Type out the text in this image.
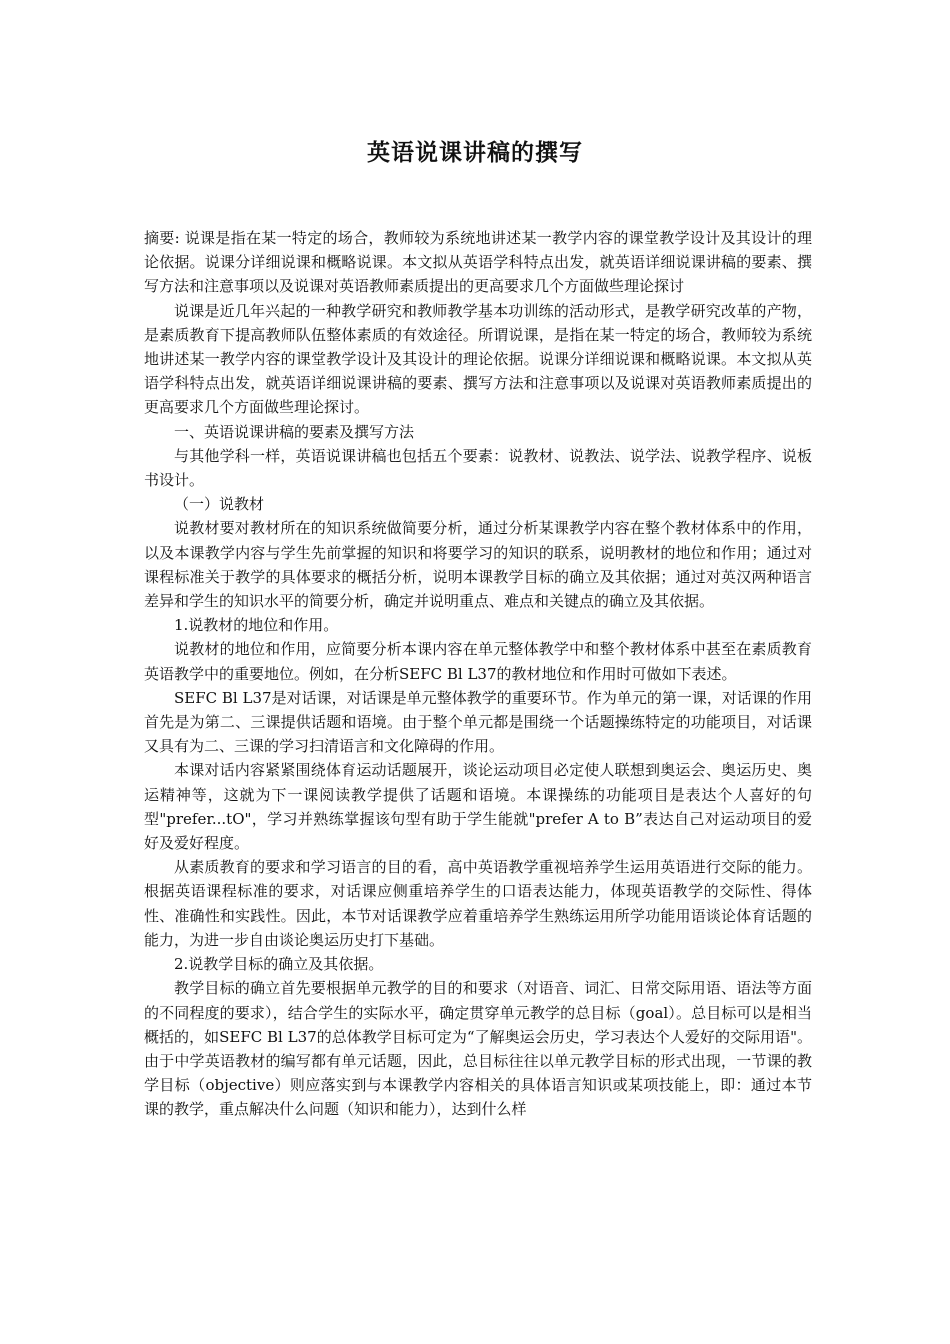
英语说课讲稿的撰写

摘要: 说课是指在某一特定的场合，教师较为系统地讲述某一教学内容的课堂教学设计及其设计的理论依据。说课分详细说课和概略说课。本文拟从英语学科特点出发，就英语详细说课讲稿的要素、撰写方法和注意事项以及说课对英语教师素质提出的更高要求几个方面做些理论探讨

说课是近几年兴起的一种教学研究和教师教学基本功训练的活动形式，是教学研究改革的产物，是素质教育下提高教师队伍整体素质的有效途径。所谓说课，是指在某一特定的场合，教师较为系统地讲述某一教学内容的课堂教学设计及其设计的理论依据。说课分详细说课和概略说课。本文拟从英语学科特点出发，就英语详细说课讲稿的要素、撰写方法和注意事项以及说课对英语教师素质提出的更高要求几个方面做些理论探讨。

一、英语说课讲稿的要素及撰写方法

与其他学科一样，英语说课讲稿也包括五个要素：说教材、说教法、说学法、说教学程序、说板书设计。

（一）说教材

说教材要对教材所在的知识系统做简要分析，通过分析某课教学内容在整个教材体系中的作用，以及本课教学内容与学生先前掌握的知识和将要学习的知识的联系，说明教材的地位和作用；通过对课程标准关于教学的具体要求的概括分析，说明本课教学目标的确立及其依据；通过对英汉两种语言差异和学生的知识水平的简要分析，确定并说明重点、难点和关键点的确立及其依据。

1.说教材的地位和作用。

说教材的地位和作用，应简要分析本课内容在单元整体教学中和整个教材体系中甚至在素质教育英语教学中的重要地位。例如，在分析SEFC Bl L37的教材地位和作用时可做如下表述。

SEFC Bl L37是对话课，对话课是单元整体教学的重要环节。作为单元的第一课，对话课的作用首先是为第二、三课提供话题和语境。由于整个单元都是围绕一个话题操练特定的功能项目，对话课又具有为二、三课的学习扫清语言和文化障碍的作用。

本课对话内容紧紧围绕体育运动话题展开，谈论运动项目必定使人联想到奥运会、奥运历史、奥运精神等，这就为下一课阅读教学提供了话题和语境。本课操练的功能项目是表达个人喜好的句型"prefer...tO"，学习并熟练掌握该句型有助于学生能就"prefer A to B”表达自己对运动项目的爱好及爱好程度。

从素质教育的要求和学习语言的目的看，高中英语教学重视培养学生运用英语进行交际的能力。根据英语课程标准的要求，对话课应侧重培养学生的口语表达能力，体现英语教学的交际性、得体性、准确性和实践性。因此，本节对话课教学应着重培养学生熟练运用所学功能用语谈论体育话题的能力，为进一步自由谈论奥运历史打下基础。

2.说教学目标的确立及其依据。

教学目标的确立首先要根据单元教学的目的和要求（对语音、词汇、日常交际用语、语法等方面的不同程度的要求），结合学生的实际水平，确定贯穿单元教学的总目标（goal）。总目标可以是相当概括的，如SEFC Bl L37的总体教学目标可定为“了解奥运会历史，学习表达个人爱好的交际用语"。由于中学英语教材的编写都有单元话题，因此，总目标往往以单元教学目标的形式出现，一节课的教学目标（objective）则应落实到与本课教学内容相关的具体语言知识或某项技能上，即：通过本节课的教学，重点解决什么问题（知识和能力），达到什么样
